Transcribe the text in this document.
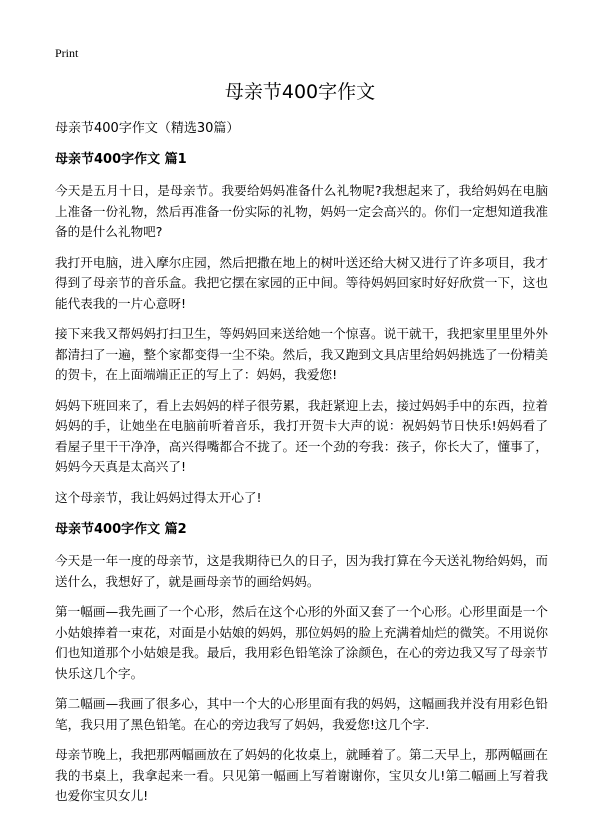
Print
母亲节400字作文
母亲节400字作文（精选30篇）
母亲节400字作文 篇1

今天是五月十日，是母亲节。我要给妈妈准备什么礼物呢?我想起来了，我给妈妈在电脑上准备一份礼物，然后再准备一份实际的礼物，妈妈一定会高兴的。你们一定想知道我准备的是什么礼物吧?

我打开电脑，进入摩尔庄园，然后把撒在地上的树叶送还给大树又进行了许多项目，我才得到了母亲节的音乐盒。我把它摆在家园的正中间。等待妈妈回家时好好欣赏一下，这也能代表我的一片心意呀!

接下来我又帮妈妈打扫卫生，等妈妈回来送给她一个惊喜。说干就干，我把家里里里外外都清扫了一遍，整个家都变得一尘不染。然后，我又跑到文具店里给妈妈挑选了一份精美的贺卡，在上面端端正正的写上了：妈妈，我爱您!

妈妈下班回来了，看上去妈妈的样子很劳累，我赶紧迎上去，接过妈妈手中的东西，拉着妈妈的手，让她坐在电脑前听着音乐，我打开贺卡大声的说：祝妈妈节日快乐!妈妈看了看屋子里干干净净，高兴得嘴都合不拢了。还一个劲的夸我：孩子，你长大了，懂事了，妈妈今天真是太高兴了!

这个母亲节，我让妈妈过得太开心了!

母亲节400字作文 篇2

今天是一年一度的母亲节，这是我期待已久的日子，因为我打算在今天送礼物给妈妈，而送什么，我想好了，就是画母亲节的画给妈妈。

第一幅画—我先画了一个心形，然后在这个心形的外面又套了一个心形。心形里面是一个小姑娘捧着一束花，对面是小姑娘的妈妈，那位妈妈的脸上充满着灿烂的微笑。不用说你们也知道那个小姑娘是我。最后，我用彩色铅笔涂了涂颜色，在心的旁边我又写了母亲节快乐这几个字。

第二幅画—我画了很多心，其中一个大的心形里面有我的妈妈，这幅画我并没有用彩色铅笔，我只用了黑色铅笔。在心的旁边我写了妈妈，我爱您!这几个字.

母亲节晚上，我把那两幅画放在了妈妈的化妆桌上，就睡着了。第二天早上，那两幅画在我的书桌上，我拿起来一看。只见第一幅画上写着谢谢你，宝贝女儿!第二幅画上写着我也爱你宝贝女儿!
